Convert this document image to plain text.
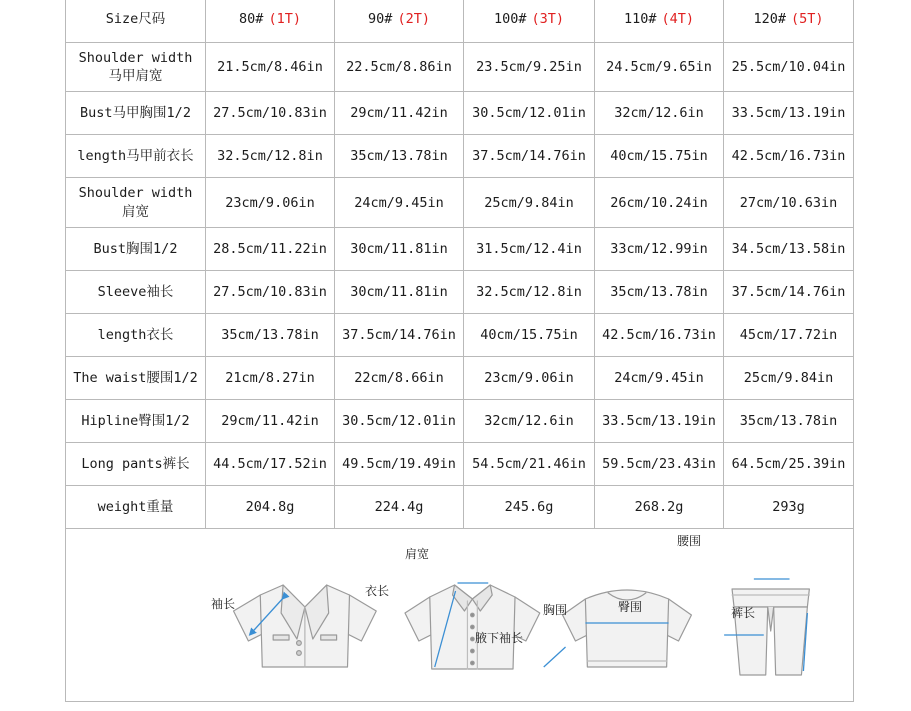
Size尺码	80# (1T)	90# (2T)	100# (3T)	110# (4T)	120# (5T)
Shoulder width马甲肩宽	21.5cm/8.46in	22.5cm/8.86in	23.5cm/9.25in	24.5cm/9.65in	25.5cm/10.04in
Bust马甲胸围1/2	27.5cm/10.83in	29cm/11.42in	30.5cm/12.01in	32cm/12.6in	33.5cm/13.19in
length马甲前衣长	32.5cm/12.8in	35cm/13.78in	37.5cm/14.76in	40cm/15.75in	42.5cm/16.73in
Shoulder width肩宽	23cm/9.06in	24cm/9.45in	25cm/9.84in	26cm/10.24in	27cm/10.63in
Bust胸围1/2	28.5cm/11.22in	30cm/11.81in	31.5cm/12.4in	33cm/12.99in	34.5cm/13.58in
Sleeve袖长	27.5cm/10.83in	30cm/11.81in	32.5cm/12.8in	35cm/13.78in	37.5cm/14.76in
length衣长	35cm/13.78in	37.5cm/14.76in	40cm/15.75in	42.5cm/16.73in	45cm/17.72in
The waist腰围1/2	21cm/8.27in	22cm/8.66in	23cm/9.06in	24cm/9.45in	25cm/9.84in
Hipline臀围1/2	29cm/11.42in	30.5cm/12.01in	32cm/12.6in	33.5cm/13.19in	35cm/13.78in
Long pants裤长	44.5cm/17.52in	49.5cm/19.49in	54.5cm/21.46in	59.5cm/23.43in	64.5cm/25.39in
weight重量	204.8g	224.4g	245.6g	268.2g	293g

袖长
衣长
肩宽
胸围
腋下袖长
腰围
臀围	裤长
